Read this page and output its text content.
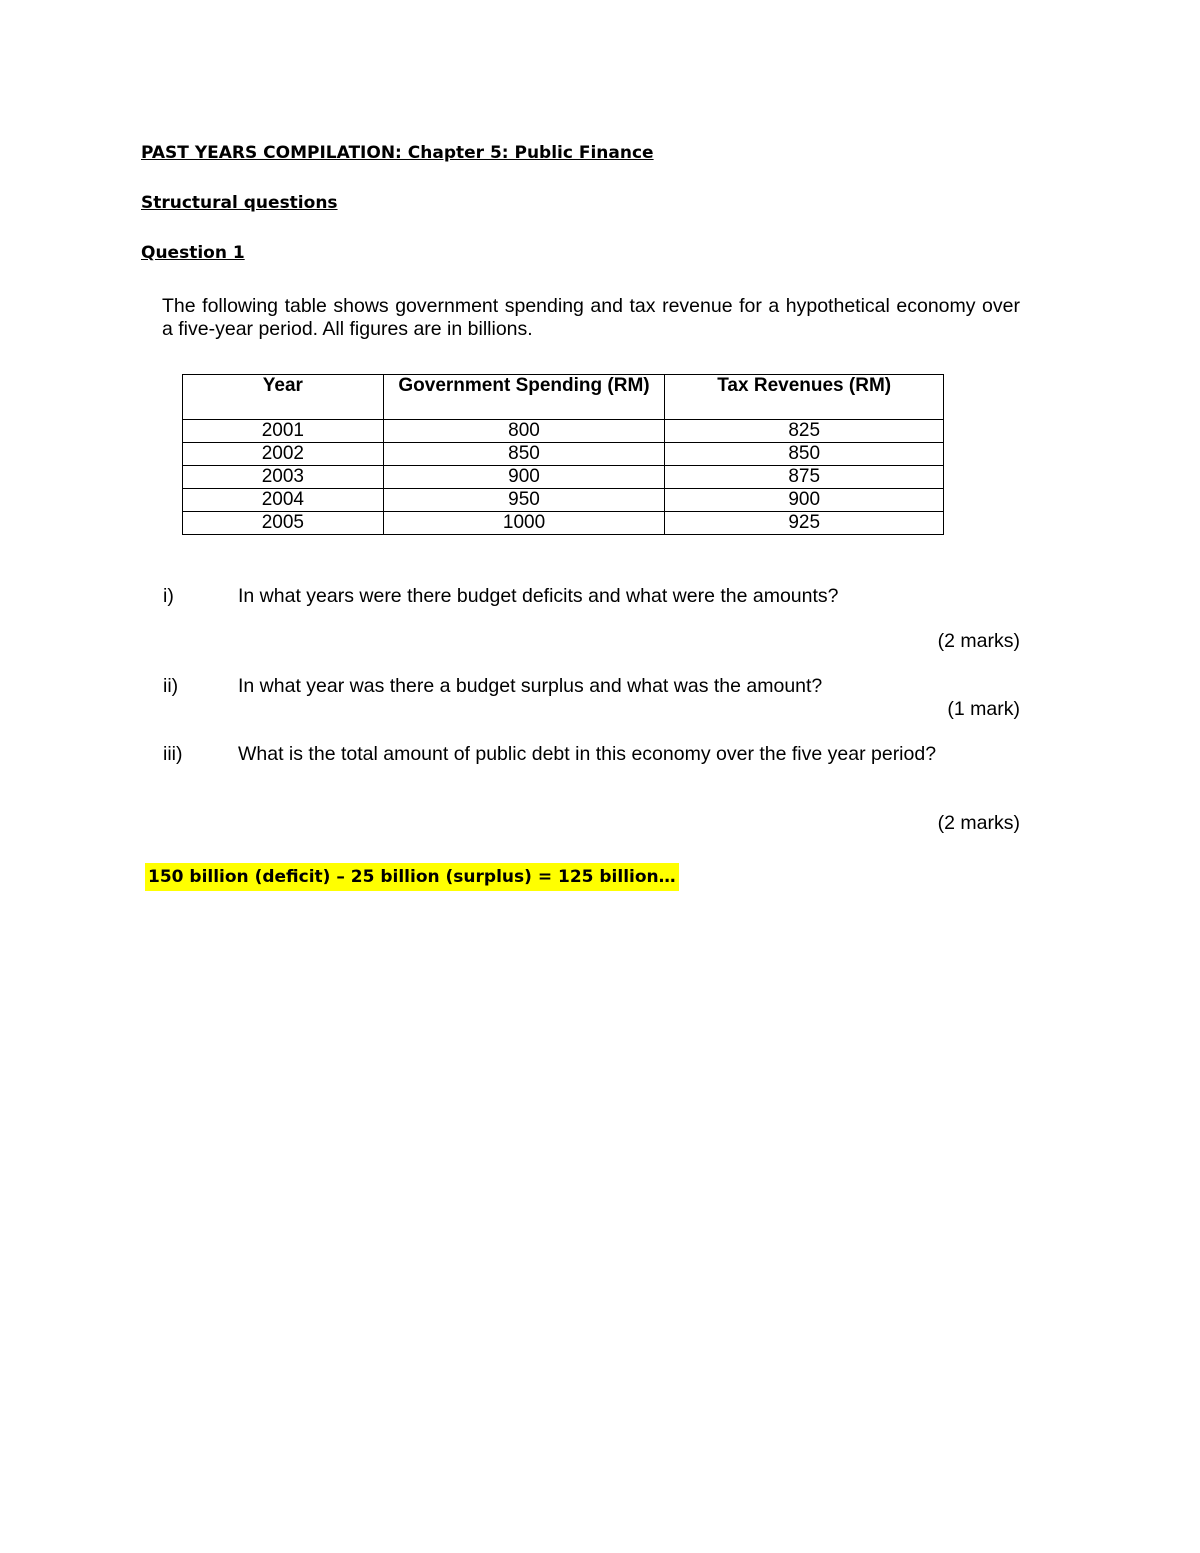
PAST YEARS COMPILATION: Chapter 5: Public Finance
Structural questions
Question 1

The following table shows government spending and tax revenue for a hypothetical economy over a five-year period. All figures are in billions.

Year	Government Spending (RM)	Tax Revenues (RM)
2001	800	825
2002	850	850
2003	900	875
2004	950	900
2005	1000	925
i)	In what years were there budget deficits and what were the amounts?
(2 marks)
ii)	In what year was there a budget surplus and what was the amount?
(1 mark)
iii)	What is the total amount of public debt in this economy over the five year period?
(2 marks)
150 billion (deficit) – 25 billion (surplus) = 125 billion…
